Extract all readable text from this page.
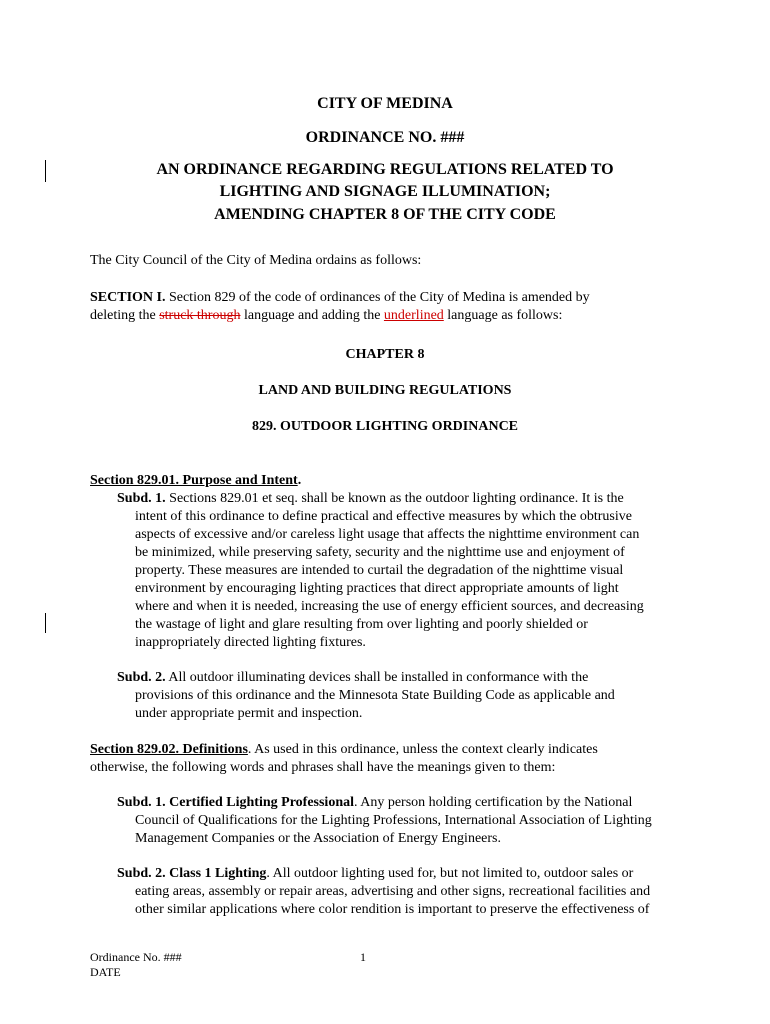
CITY OF MEDINA
ORDINANCE NO. ###
AN ORDINANCE REGARDING REGULATIONS RELATED TO
LIGHTING AND SIGNAGE ILLUMINATION;
AMENDING CHAPTER 8 OF THE CITY CODE
The City Council of the City of Medina ordains as follows:
SECTION I. Section 829 of the code of ordinances of the City of Medina is amended by
deleting the struck through language and adding the underlined language as follows:
CHAPTER 8
LAND AND BUILDING REGULATIONS
829. OUTDOOR LIGHTING ORDINANCE
Section 829.01. Purpose and Intent.
Subd. 1. Sections 829.01 et seq. shall be known as the outdoor lighting ordinance. It is the
intent of this ordinance to define practical and effective measures by which the obtrusive
aspects of excessive and/or careless light usage that affects the nighttime environment can
be minimized, while preserving safety, security and the nighttime use and enjoyment of
property. These measures are intended to curtail the degradation of the nighttime visual
environment by encouraging lighting practices that direct appropriate amounts of light
where and when it is needed, increasing the use of energy efficient sources, and decreasing
the wastage of light and glare resulting from over lighting and poorly shielded or
inappropriately directed lighting fixtures.
Subd. 2. All outdoor illuminating devices shall be installed in conformance with the
provisions of this ordinance and the Minnesota State Building Code as applicable and
under appropriate permit and inspection.
Section 829.02. Definitions. As used in this ordinance, unless the context clearly indicates
otherwise, the following words and phrases shall have the meanings given to them:
Subd. 1. Certified Lighting Professional. Any person holding certification by the National
Council of Qualifications for the Lighting Professions, International Association of Lighting
Management Companies or the Association of Energy Engineers.
Subd. 2. Class 1 Lighting. All outdoor lighting used for, but not limited to, outdoor sales or
eating areas, assembly or repair areas, advertising and other signs, recreational facilities and
other similar applications where color rendition is important to preserve the effectiveness of
Ordinance No. ###
DATE
1
